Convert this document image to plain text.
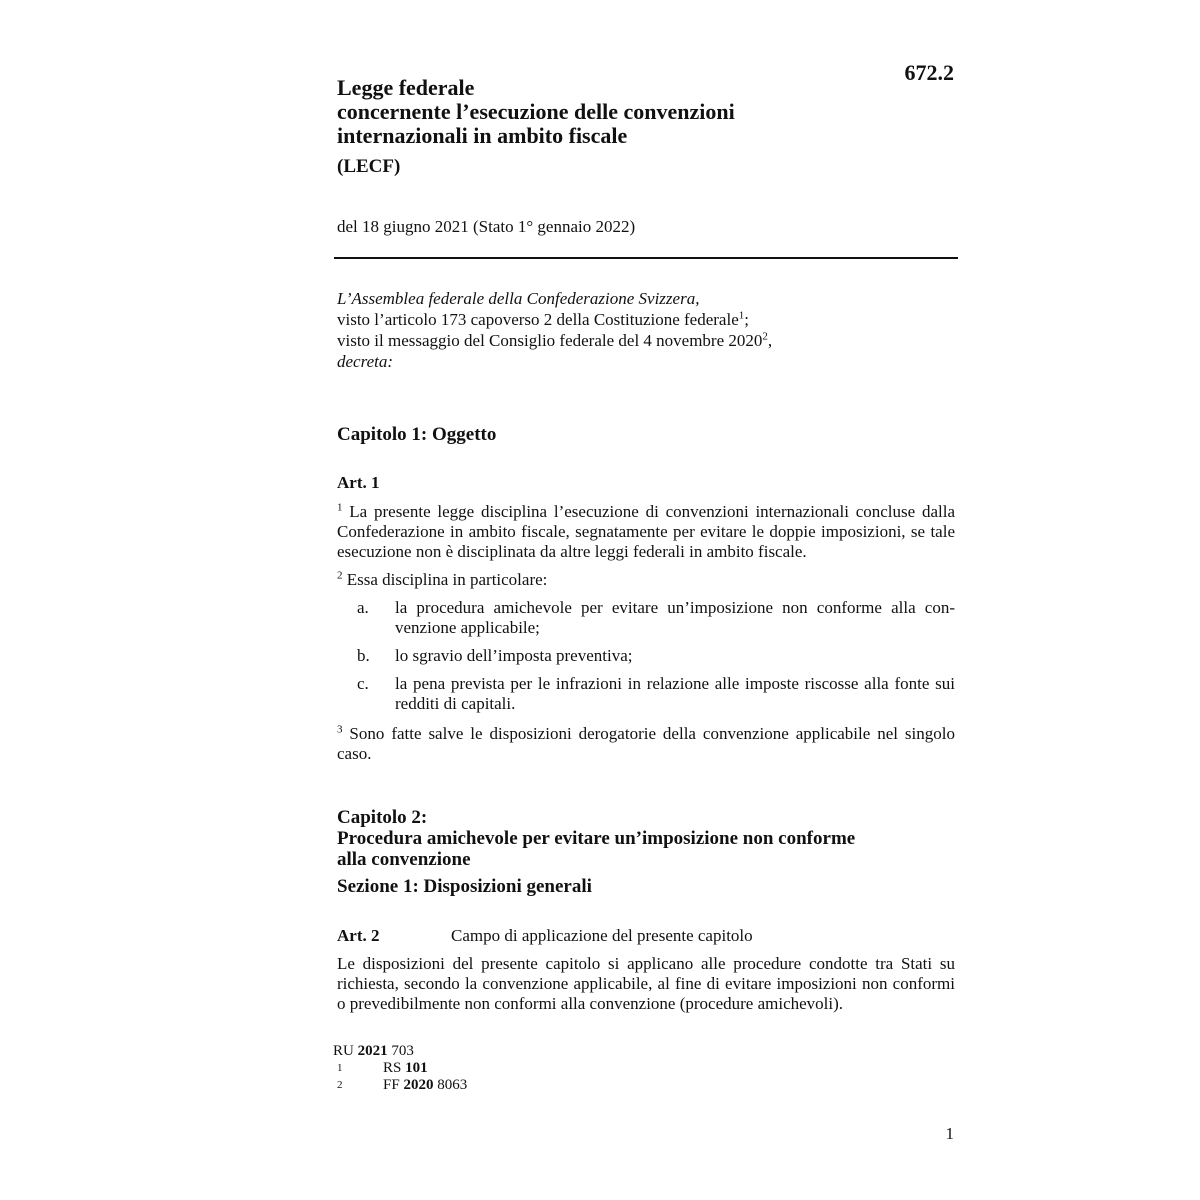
672.2
Legge federale
concernente l’esecuzione delle convenzioni
internazionali in ambito fiscale
(LECF)
del 18 giugno 2021 (Stato 1° gennaio 2022)
L’Assemblea federale della Confederazione Svizzera,
visto l’articolo 173 capoverso 2 della Costituzione federale$^1$;
visto il messaggio del Consiglio federale del 4 novembre 2020$^2$,
decreta:
Capitolo 1: Oggetto
Art. 1
$^1$ La presente legge disciplina l’esecuzione di convenzioni internazionali concluse dalla Confederazione in ambito fiscale, segnatamente per evitare le doppie imposizioni, se tale esecuzione non è disciplinata da altre leggi federali in ambito fiscale.
$^2$ Essa disciplina in particolare:
a.	la procedura amichevole per evitare un’imposizione non conforme alla convenzione applicabile;
b.	lo sgravio dell’imposta preventiva;
c.	la pena prevista per le infrazioni in relazione alle imposte riscosse alla fonte sui redditi di capitali.
$^3$ Sono fatte salve le disposizioni derogatorie della convenzione applicabile nel singolo caso.
Capitolo 2:
Procedura amichevole per evitare un’imposizione non conforme
alla convenzione
Sezione 1: Disposizioni generali
Art. 2	Campo di applicazione del presente capitolo
Le disposizioni del presente capitolo si applicano alle procedure condotte tra Stati su richiesta, secondo la convenzione applicabile, al fine di evitare imposizioni non conformi o prevedibilmente non conformi alla convenzione (procedure amichevoli).
RU 2021 703
1	RS 101
2	FF 2020 8063
1
